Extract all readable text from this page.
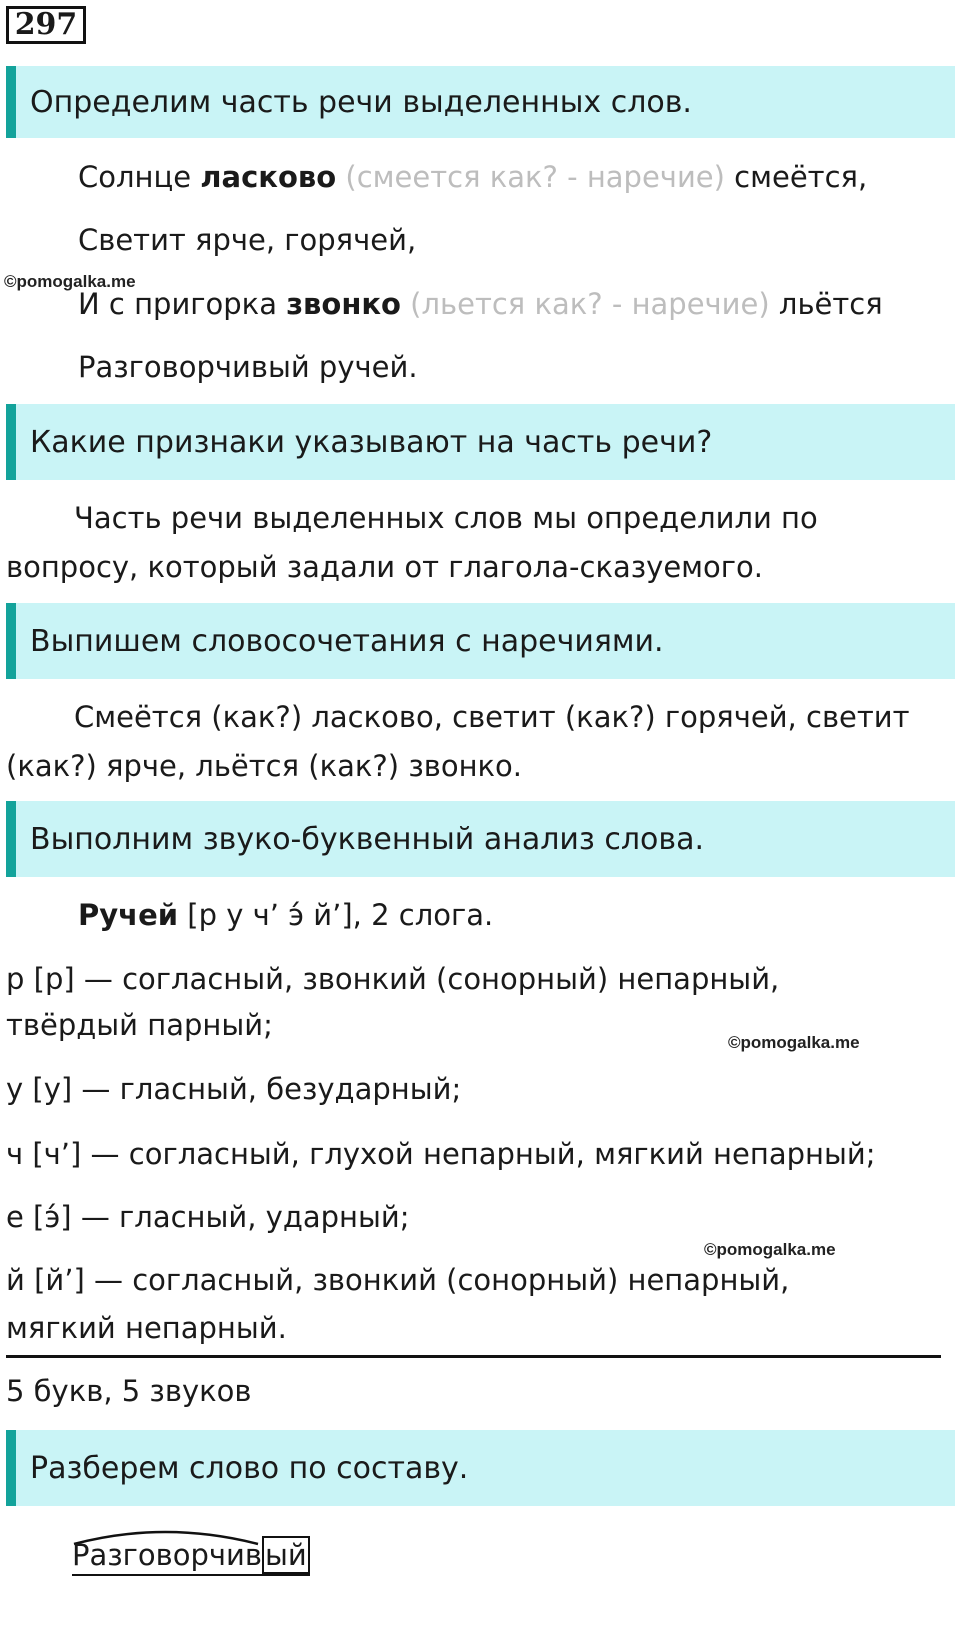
297
Определим часть речи выделенных слов.
Солнце ласково (смеется как? - наречие) смеётся,
Светит ярче, горячей,
©pomogalka.me
И с пригорка звонко (льется как? - наречие) льётся
Разговорчивый ручей.
Какие признаки указывают на часть речи?
Часть речи выделенных слов мы определили по
вопросу, который задали от глагола-сказуемого.
Выпишем словосочетания с наречиями.
Смеётся (как?) ласково, светит (как?) горячей, светит
(как?) ярче, льётся (как?) звонко.
Выполним звуко-буквенный анализ слова.
Ручей [р у ч’ э́ й’], 2 слога.
р [р] — согласный, звонкий (сонорный) непарный,
твёрдый парный;
©pomogalka.me
у [у] — гласный, безударный;
ч [ч’] — согласный, глухой непарный, мягкий непарный;
е [э́] — гласный, ударный;
©pomogalka.me
й [й’] — согласный, звонкий (сонорный) непарный,
мягкий непарный.
5 букв, 5 звуков
Разберем слово по составу.
Разговорчив ый
